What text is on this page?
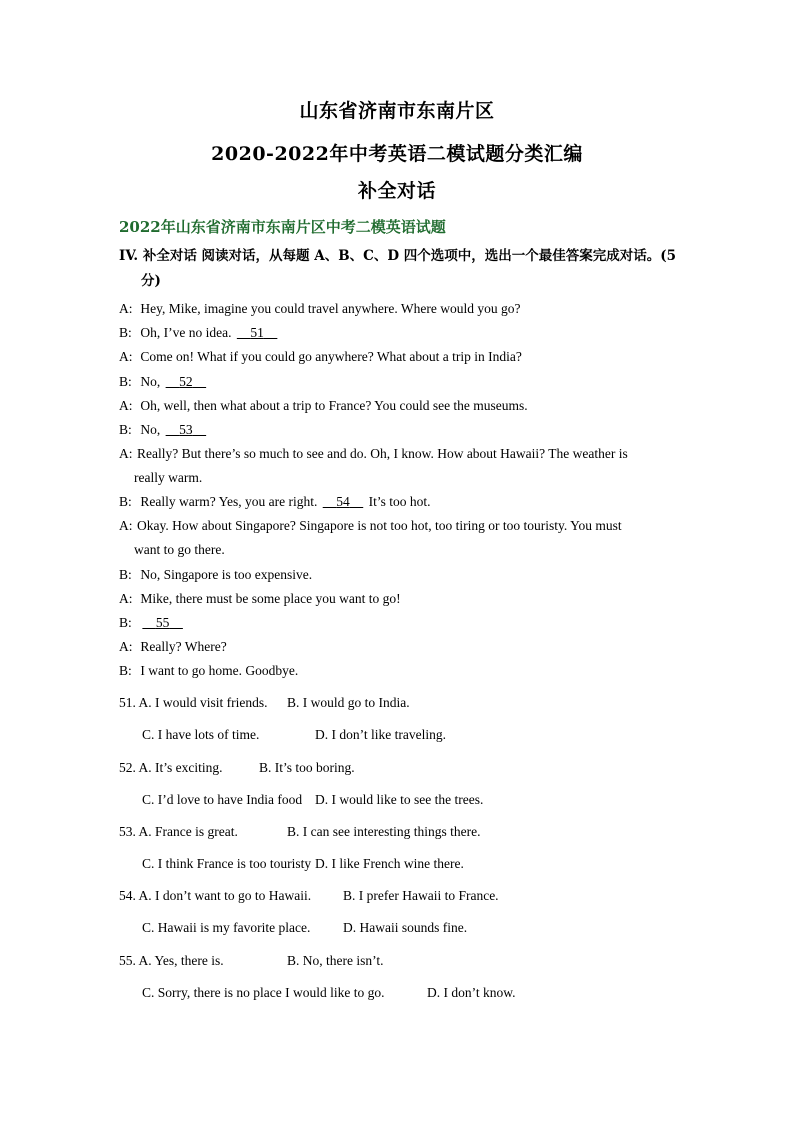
山东省济南市东南片区
2020-2022年中考英语二模试题分类汇编
补全对话
2022年山东省济南市东南片区中考二模英语试题
IV. 补全对话 阅读对话，从每题 A、B、C、D 四个选项中，选出一个最佳答案完成对话。(5
分)
A: Hey, Mike, imagine you could travel anywhere. Where would you go?
B: Oh, I’ve no idea. 51
A: Come on! What if you could go anywhere? What about a trip in India?
B: No, 52
A: Oh, well, then what about a trip to France? You could see the museums.
B: No, 53
A: Really? But there’s so much to see and do. Oh, I know. How about Hawaii? The weather is
really warm.
B: Really warm? Yes, you are right. 54 It’s too hot.
A: Okay. How about Singapore? Singapore is not too hot, too tiring or too touristy. You must
want to go there.
B: No, Singapore is too expensive.
A: Mike, there must be some place you want to go!
B: 55
A: Really? Where?
B: I want to go home. Goodbye.
51. A. I would visit friends. B. I would go to India.
C. I have lots of time.	D. I don’t like traveling.
52. A. It’s exciting.	B. It’s too boring.
C. I’d love to have India food D. I would like to see the trees.
53. A. France is great.	B. I can see interesting things there.
C. I think France is too touristy D. I like French wine there.
54. A. I don’t want to go to Hawaii. B. I prefer Hawaii to France.
C. Hawaii is my favorite place. D. Hawaii sounds fine.
55. A. Yes, there is.	B. No, there isn’t.
C. Sorry, there is no place I would like to go.	D. I don’t know.
